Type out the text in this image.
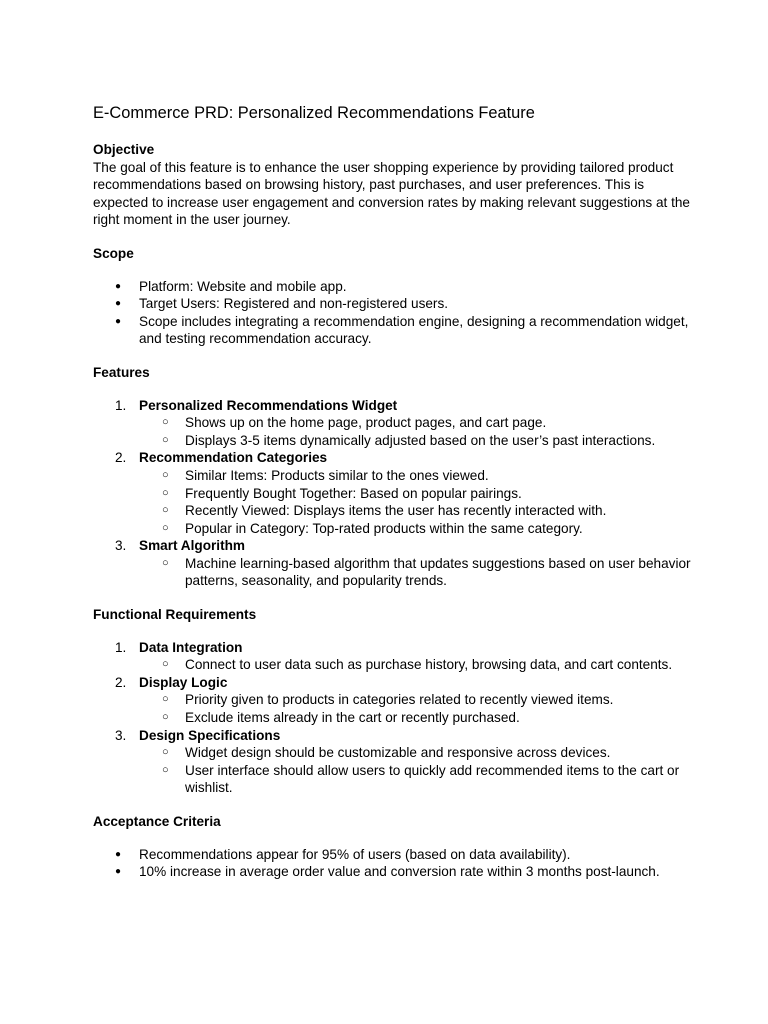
E-Commerce PRD: Personalized Recommendations Feature

Objective

The goal of this feature is to enhance the user shopping experience by providing tailored product recommendations based on browsing history, past purchases, and user preferences. This is expected to increase user engagement and conversion rates by making relevant suggestions at the right moment in the user journey.

Scope

● Platform: Website and mobile app.
● Target Users: Registered and non-registered users.
● Scope includes integrating a recommendation engine, designing a recommendation widget, and testing recommendation accuracy.

Features

1. Personalized Recommendations Widget
○ Shows up on the home page, product pages, and cart page.
○ Displays 3-5 items dynamically adjusted based on the user’s past interactions.
2. Recommendation Categories
○ Similar Items: Products similar to the ones viewed.
○ Frequently Bought Together: Based on popular pairings.
○ Recently Viewed: Displays items the user has recently interacted with.
○ Popular in Category: Top-rated products within the same category.
3. Smart Algorithm
○ Machine learning-based algorithm that updates suggestions based on user behavior patterns, seasonality, and popularity trends.

Functional Requirements

1. Data Integration
○ Connect to user data such as purchase history, browsing data, and cart contents.
2. Display Logic
○ Priority given to products in categories related to recently viewed items.
○ Exclude items already in the cart or recently purchased.
3. Design Specifications
○ Widget design should be customizable and responsive across devices.
○ User interface should allow users to quickly add recommended items to the cart or wishlist.

Acceptance Criteria

● Recommendations appear for 95% of users (based on data availability).
● 10% increase in average order value and conversion rate within 3 months post-launch.
